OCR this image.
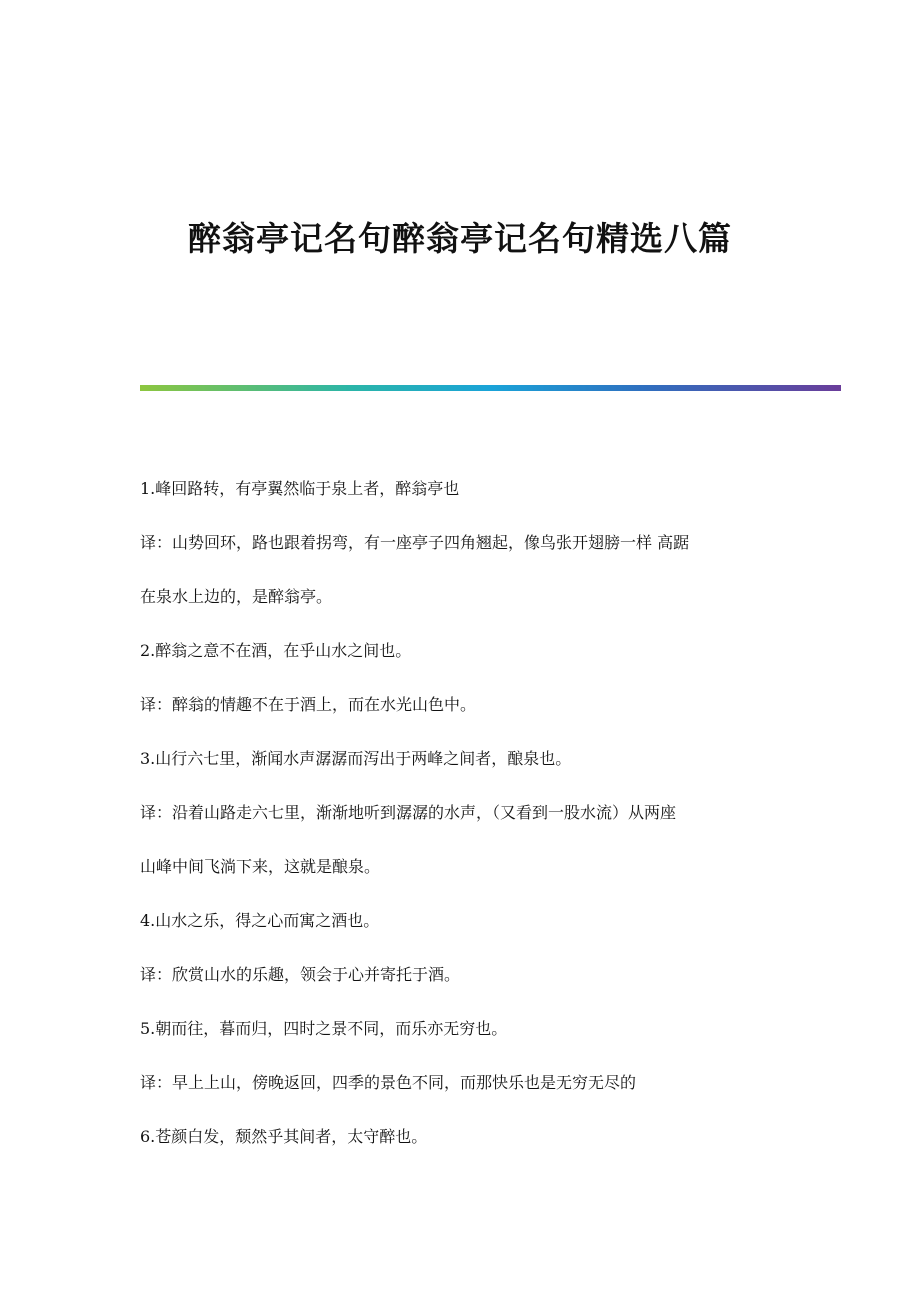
醉翁亭记名句醉翁亭记名句精选八篇

1.峰回路转，有亭翼然临于泉上者，醉翁亭也

译：山势回环，路也跟着拐弯，有一座亭子四角翘起，像鸟张开翅膀一样 高踞

在泉水上边的，是醉翁亭。

2.醉翁之意不在酒，在乎山水之间也。

译：醉翁的情趣不在于酒上，而在水光山色中。

3.山行六七里，渐闻水声潺潺而泻出于两峰之间者，酿泉也。

译：沿着山路走六七里，渐渐地听到潺潺的水声，（又看到一股水流）从两座

山峰中间飞淌下来，这就是酿泉。

4.山水之乐，得之心而寓之酒也。

译：欣赏山水的乐趣，领会于心并寄托于酒。

5.朝而往，暮而归，四时之景不同，而乐亦无穷也。

译：早上上山，傍晚返回，四季的景色不同，而那快乐也是无穷无尽的

6.苍颜白发，颓然乎其间者，太守醉也。
